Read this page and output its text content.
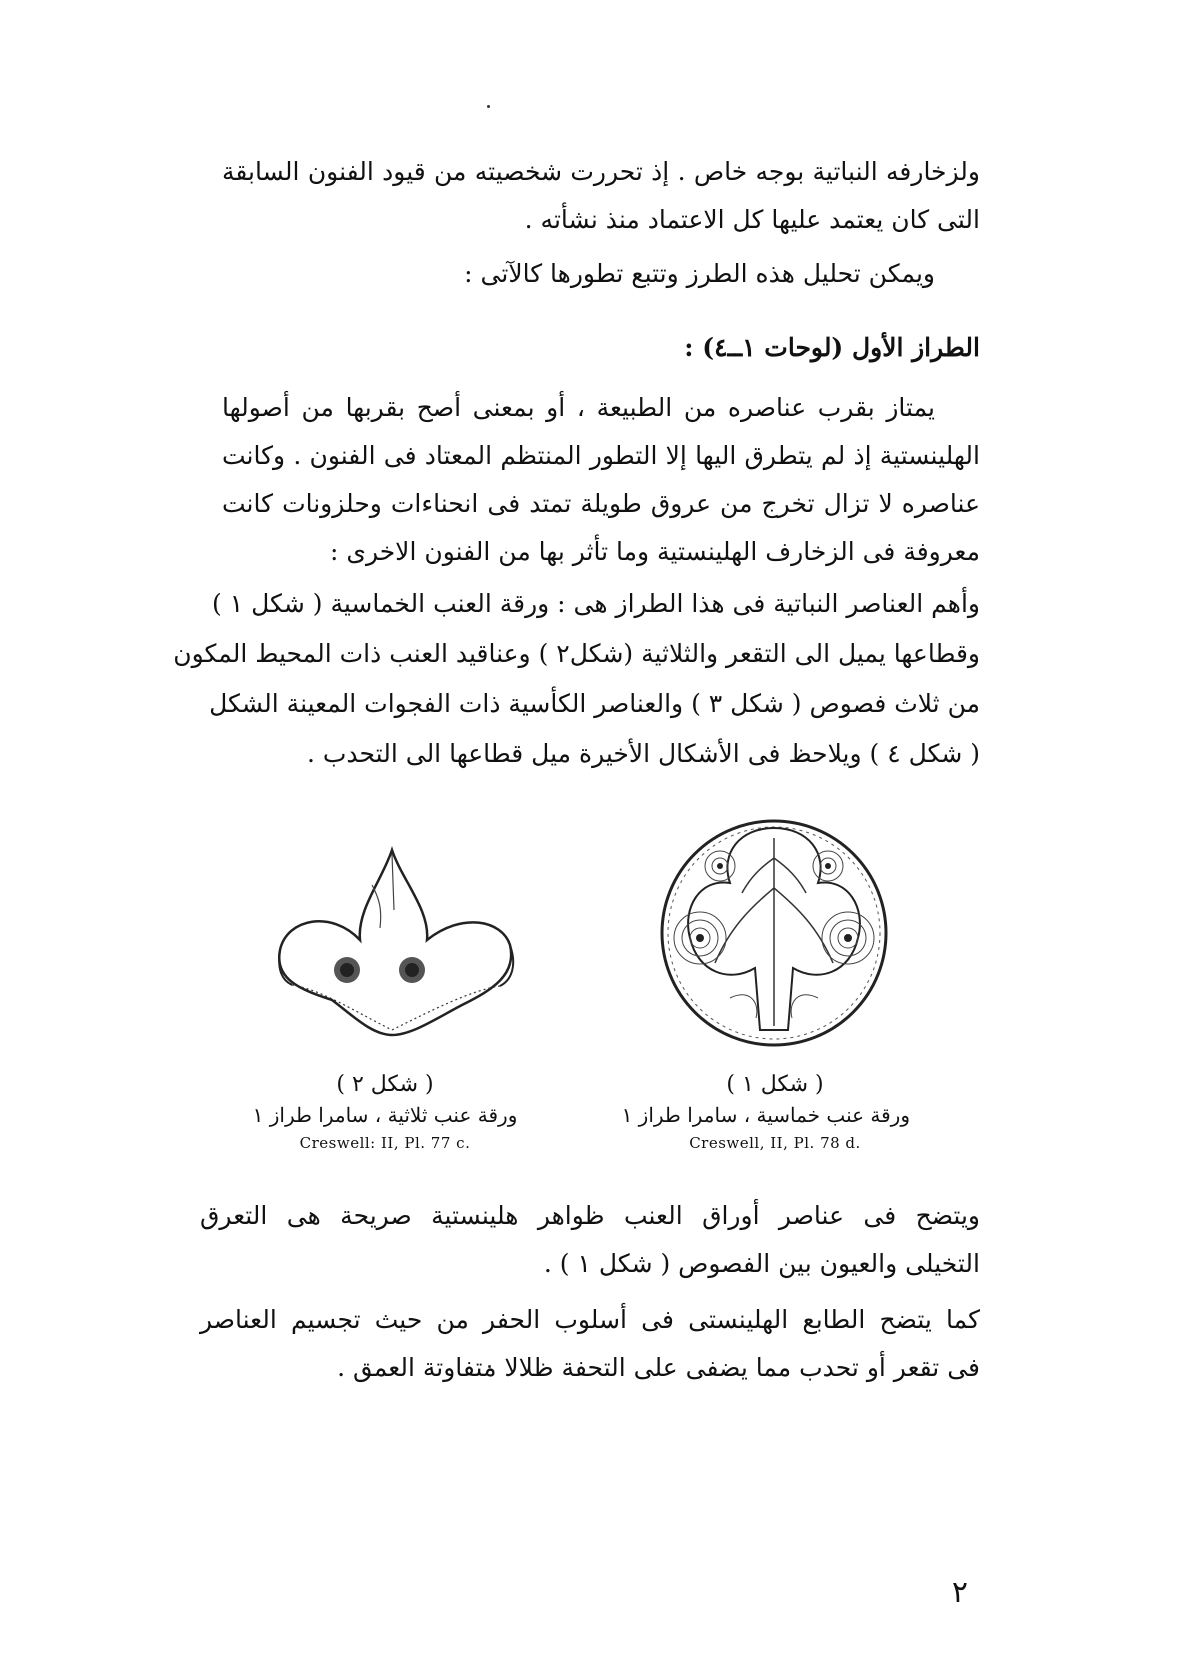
ولزخارفه النباتية بوجه خاص . إذ تحررت شخصيته من قيود الفنون السابقة
التى كان يعتمد عليها كل الاعتماد منذ نشأته .
ويمكن تحليل هذه الطرز وتتبع تطورها كالآتى :
الطراز الأول (لوحات ١ــ٤) :
يمتاز بقرب عناصره من الطبيعة ، أو بمعنى أصح بقربها من أصولها
الهلينستية إذ لم يتطرق اليها إلا التطور المنتظم المعتاد فى الفنون . وكانت
عناصره لا تزال تخرج من عروق طويلة تمتد فى انحناءات وحلزونات كانت
معروفة فى الزخارف الهلينستية وما تأثر بها من الفنون الاخرى :
وأهم العناصر النباتية فى هذا الطراز هى : ورقة العنب الخماسية ( شكل ١ )
وقطاعها يميل الى التقعر والثلاثية (شكل٢ ) وعناقيد العنب ذات المحيط المكون
من ثلاث فصوص ( شكل ٣ ) والعناصر الكأسية ذات الفجوات المعينة الشكل
( شكل ٤ ) ويلاحظ فى الأشكال الأخيرة ميل قطاعها الى التحدب .
( شكل ١ )
ورقة عنب خماسية ، سامرا طراز ١
Creswell, II, Pl. 78 d.
( شكل ٢ )
ورقة عنب ثلاثية ، سامرا طراز ١
Creswell: II, Pl. 77 c.
ويتضح فى عناصر أوراق العنب ظواهر هلينستية صريحة هى التعرق
التخيلى والعيون بين الفصوص ( شكل ١ ) .
كما يتضح الطابع الهلينستى فى أسلوب الحفر من حيث تجسيم العناصر
فى تقعر أو تحدب مما يضفى على التحفة ظلالا متفاوتة العمق .
٢
